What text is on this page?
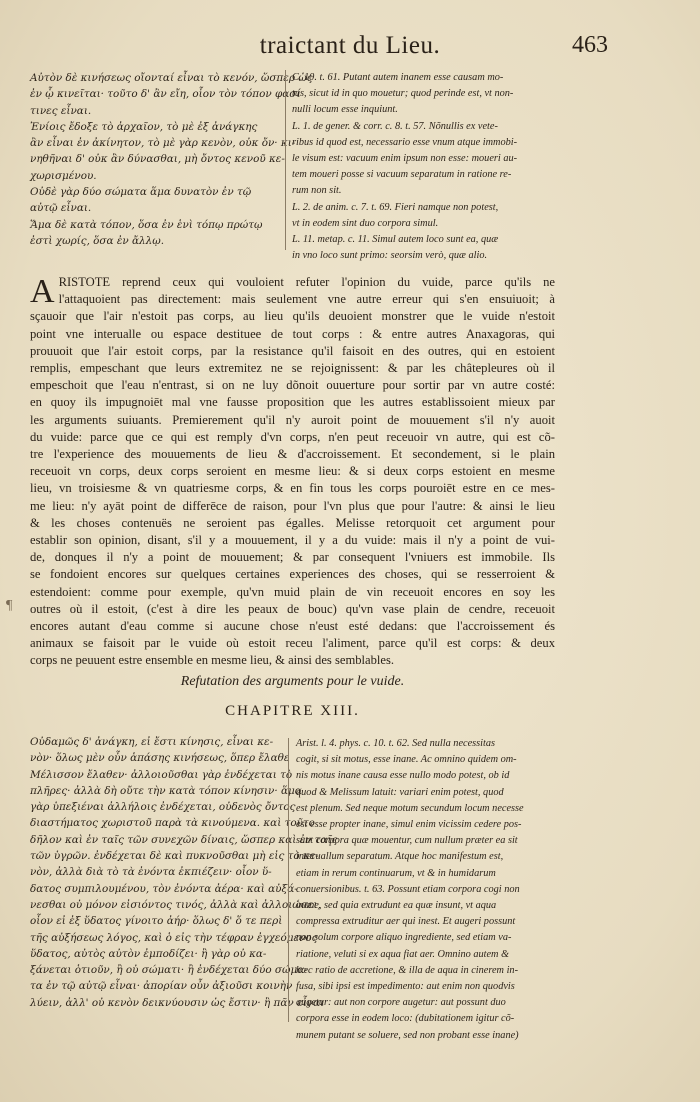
traictant du Lieu.	463
Αὐτὸν δὲ κινήσεως οἴονταί εἶναι τὸ κενόν, ὥσπερ ὡς
ἐν ᾧ κινεῖται· τοῦτο δ' ἂν εἴη, οἷον τὸν τόπον φασί
τινες εἶναι.
Ἐνίοις ἔδοξε τὸ ἀρχαῖον, τὸ μὲ ἐξ ἀνάγκης
ἂν εἶναι ἐν ἀκίνητον, τὸ μὲ γὰρ κενὸν, οὐκ ὄν· κι-
νηθῆναι δ' οὐκ ἂν δύνασθαι, μὴ ὄντος κενοῦ κε-
χωρισμένου.
Οὐδὲ γὰρ δύο σώματα ἅμα δυνατὸν ἐν τῷ
αὐτῷ εἶναι.
Ἅμα δὲ κατὰ τόπον, ὅσα ἐν ἑνὶ τόπῳ πρώτῳ
ἐστὶ χωρίς, ὅσα ἐν ἄλλῳ.
C. 10. t. 61. Putant autem inanem esse causam mo-
tus, sicut id in quo mouetur; quod perinde est, vt non-
nulli locum esse inquiunt.
L. 1. de gener. & corr. c. 8. t. 57. Nõnullis ex vete-
ribus id quod est, necessario esse vnum atque immobi-
le visum est: vacuum enim ipsum non esse: moueri au-
tem moueri posse si vacuum separatum in ratione re-
rum non sit.
L. 2. de anim. c. 7. t. 69. Fieri namque non potest,
vt in eodem sint duo corpora simul.
L. 11. metap. c. 11. Simul autem loco sunt ea, quæ
in vno loco sunt primo: seorsim verò, quæ alio.
A RISTOTE reprend ceux qui vouloient refuter l'opinion du vuide, parce qu'ils ne
l'attaquoient pas directement: mais seulement vne autre erreur qui s'en ensuiuoit; à
sçauoir que l'air n'estoit pas corps, au lieu qu'ils deuoient monstrer que le vuide n'estoit
point vne interualle ou espace destituee de tout corps : & entre autres Anaxagoras, qui
prouuoit que l'air estoit corps, par la resistance qu'il faisoit en des outres, qui en estoient
remplis, empeschant que leurs extremitez ne se rejoignissent: & par les châtepleures où il
empeschoit que l'eau n'entrast, si on ne luy dõnoit ouuerture pour sortir par vn autre costé:
en quoy ils impugnoiēt mal vne fausse proposition que les autres establissoient mieux par
les arguments suiuants. Premierement qu'il n'y auroit point de mouuement s'il n'y auoit
du vuide: parce que ce qui est remply d'vn corps, n'en peut receuoir vn autre, qui est cõ-
tre l'experience des mouuements de lieu & d'accroissement. Et secondement, si le plain
receuoit vn corps, deux corps seroient en mesme lieu: & si deux corps estoient en mesme
lieu, vn troisiesme & vn quatriesme corps, & en fin tous les corps pouroiēt estre en ce mes-
me lieu: n'y ayāt point de differēce de raison, pour l'vn plus que pour l'autre: & ainsi le lieu
& les choses contenuës ne seroient pas égalles. Melisse retorquoit cet argument pour
establir son opinion, disant, s'il y a mouuement, il y a du vuide: mais il n'y a point de vui-
de, donques il n'y a point de mouuement; & par consequent l'vniuers est immobile. Ils
se fondoient encores sur quelques certaines experiences des choses, qui se resserroient &
estendoient: comme pour exemple, qu'vn muid plain de vin receuoit encores en soy les
outres où il estoit, (c'est à dire les peaux de bouc) qu'vn vase plain de cendre, receuoit
encores autant d'eau comme si aucune chose n'eust esté dedans: que l'accroissement és
animaux se faisoit par le vuide où estoit receu l'aliment, parce qu'il est corps: & deux
corps ne peuuent estre ensemble en mesme lieu, & ainsi des semblables.
¶
Refutation des arguments pour le vuide.
CHAPITRE XIII.
Οὐδαμῶς δ' ἀνάγκη, εἰ ἔστι κίνησις, εἶναι κε-
νὸν· ὅλως μὲν οὖν ἁπάσης κινήσεως, ὅπερ ἔλαθε
Μέλισσον ἔλαθεν· ἀλλοιοῦσθαι γὰρ ἐνδέχεται τὸ
πλῆρες· ἀλλὰ δὴ οὔτε τὴν κατὰ τόπον κίνησιν· ἅμα
γὰρ ὑπεξιέναι ἀλλήλοις ἐνδέχεται, οὐδενὸς ὄντος
διαστήματος χωριστοῦ παρὰ τὰ κινούμενα. καὶ τοῦτο
δῆλον καὶ ἐν ταῖς τῶν συνεχῶν δίναις, ὥσπερ καὶ ἐν ταῖς
τῶν ὑγρῶν. ἐνδέχεται δὲ καὶ πυκνοῦσθαι μὴ εἰς τὸ κε-
νὸν, ἀλλὰ διὰ τὸ τὰ ἐνόντα ἐκπιέζειν· οἷον ὕ-
δατος συμπιλουμένου, τὸν ἐνόντα ἀέρα· καὶ αὐξά-
νεσθαι οὐ μόνον εἰσιόντος τινός, ἀλλὰ καὶ ἀλλοιώσει,
οἷον εἰ ἐξ ὕδατος γίνοιτο ἀήρ· ὅλως δ' ὅ τε περὶ
τῆς αὐξήσεως λόγος, καὶ ὁ εἰς τὴν τέφραν ἐγχεόμενος
ὕδατος, αὐτὸς αὐτὸν ἐμποδίζει· ἢ γὰρ οὐ κα-
ξάνεται ὁτιοῦν, ἢ οὐ σώματι· ἢ ἐνδέχεται δύο σώμα-
τα ἐν τῷ αὐτῷ εἶναι· ἀπορίαν οὖν ἀξιοῦσι κοινὴν
λύειν, ἀλλ' οὐ κενὸν δεικνύουσιν ὡς ἔστιν· ἢ πᾶν εἶναι
Arist. l. 4. phys. c. 10. t. 62. Sed nulla necessitas
cogit, si sit motus, esse inane. Ac omnino quidem om-
nis motus inane causa esse nullo modo potest, ob id
quod & Melissum latuit: variari enim potest, quod
est plenum. Sed neque motum secundum locum necesse
est esse propter inane, simul enim vicissim cedere pos-
sunt corpora quæ mouentur, cum nullum præter ea sit
interuallum separatum. Atque hoc manifestum est,
etiam in rerum continuarum, vt & in humidarum
conuersionibus. t. 63. Possunt etiam corpora cogi non
inane, sed quia extrudunt ea quæ insunt, vt aqua
compressa extruditur aer qui inest. Et augeri possunt
non solum corpore aliquo ingrediente, sed etiam va-
riatione, veluti si ex aqua fiat aer. Omnino autem &
hæc ratio de accretione, & illa de aqua in cinerem in-
fusa, sibi ipsi est impedimento: aut enim non quodvis
augetur: aut non corpore augetur: aut possunt duo
corpora esse in eodem loco: (dubitationem igitur cõ-
munem putant se soluere, sed non probant esse inane)
